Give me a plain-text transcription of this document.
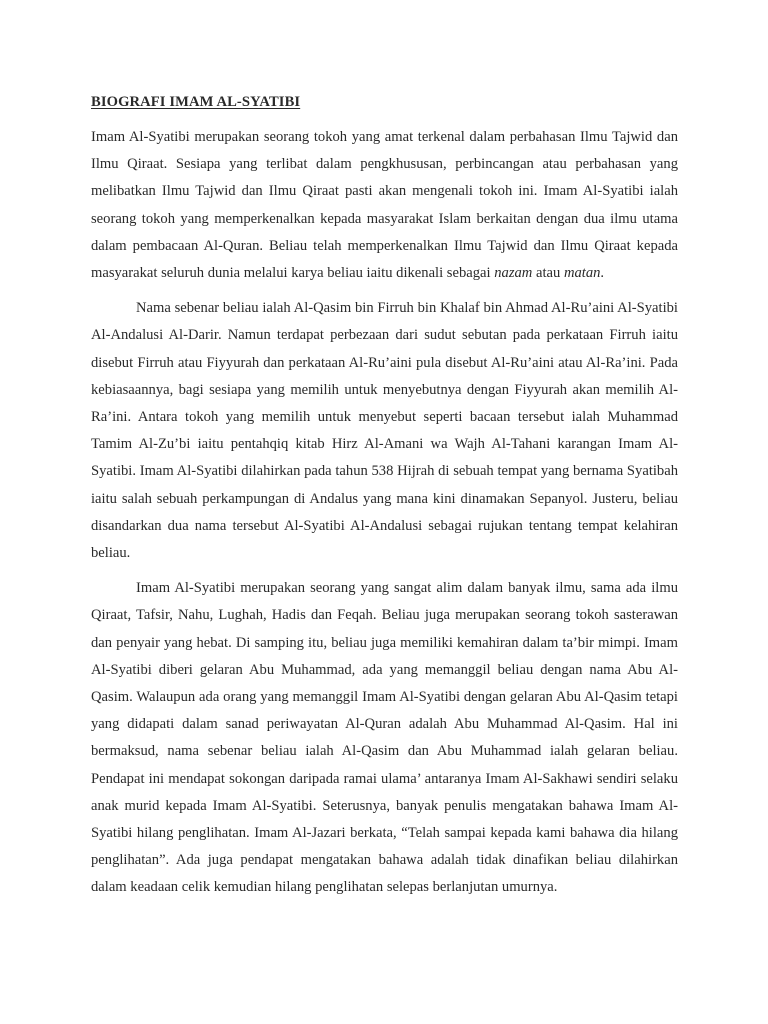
BIOGRAFI IMAM AL-SYATIBI

Imam Al-Syatibi merupakan seorang tokoh yang amat terkenal dalam perbahasan Ilmu Tajwid dan Ilmu Qiraat. Sesiapa yang terlibat dalam pengkhususan, perbincangan atau perbahasan yang melibatkan Ilmu Tajwid dan Ilmu Qiraat pasti akan mengenali tokoh ini. Imam Al-Syatibi ialah seorang tokoh yang memperkenalkan kepada masyarakat Islam berkaitan dengan dua ilmu utama dalam pembacaan Al-Quran. Beliau telah memperkenalkan Ilmu Tajwid dan Ilmu Qiraat kepada masyarakat seluruh dunia melalui karya beliau iaitu dikenali sebagai nazam atau matan.

Nama sebenar beliau ialah Al-Qasim bin Firruh bin Khalaf bin Ahmad Al-Ru’aini Al-Syatibi Al-Andalusi Al-Darir. Namun terdapat perbezaan dari sudut sebutan pada perkataan Firruh iaitu disebut Firruh atau Fiyyurah dan perkataan Al-Ru’aini pula disebut Al-Ru’aini atau Al-Ra’ini. Pada kebiasaannya, bagi sesiapa yang memilih untuk menyebutnya dengan Fiyyurah akan memilih Al-Ra’ini. Antara tokoh yang memilih untuk menyebut seperti bacaan tersebut ialah Muhammad Tamim Al-Zu’bi iaitu pentahqiq kitab Hirz Al-Amani wa Wajh Al-Tahani karangan Imam Al-Syatibi. Imam Al-Syatibi dilahirkan pada tahun 538 Hijrah di sebuah tempat yang bernama Syatibah iaitu salah sebuah perkampungan di Andalus yang mana kini dinamakan Sepanyol. Justeru, beliau disandarkan dua nama tersebut Al-Syatibi Al-Andalusi sebagai rujukan tentang tempat kelahiran beliau.

Imam Al-Syatibi merupakan seorang yang sangat alim dalam banyak ilmu, sama ada ilmu Qiraat, Tafsir, Nahu, Lughah, Hadis dan Feqah. Beliau juga merupakan seorang tokoh sasterawan dan penyair yang hebat. Di samping itu, beliau juga memiliki kemahiran dalam ta’bir mimpi. Imam Al-Syatibi diberi gelaran Abu Muhammad, ada yang memanggil beliau dengan nama Abu Al-Qasim. Walaupun ada orang yang memanggil Imam Al-Syatibi dengan gelaran Abu Al-Qasim tetapi yang didapati dalam sanad periwayatan Al-Quran adalah Abu Muhammad Al-Qasim. Hal ini bermaksud, nama sebenar beliau ialah Al-Qasim dan Abu Muhammad ialah gelaran beliau. Pendapat ini mendapat sokongan daripada ramai ulama’ antaranya Imam Al-Sakhawi sendiri selaku anak murid kepada Imam Al-Syatibi. Seterusnya, banyak penulis mengatakan bahawa Imam Al-Syatibi hilang penglihatan. Imam Al-Jazari berkata, “Telah sampai kepada kami bahawa dia hilang penglihatan”. Ada juga pendapat mengatakan bahawa adalah tidak dinafikan beliau dilahirkan dalam keadaan celik kemudian hilang penglihatan selepas berlanjutan umurnya.
